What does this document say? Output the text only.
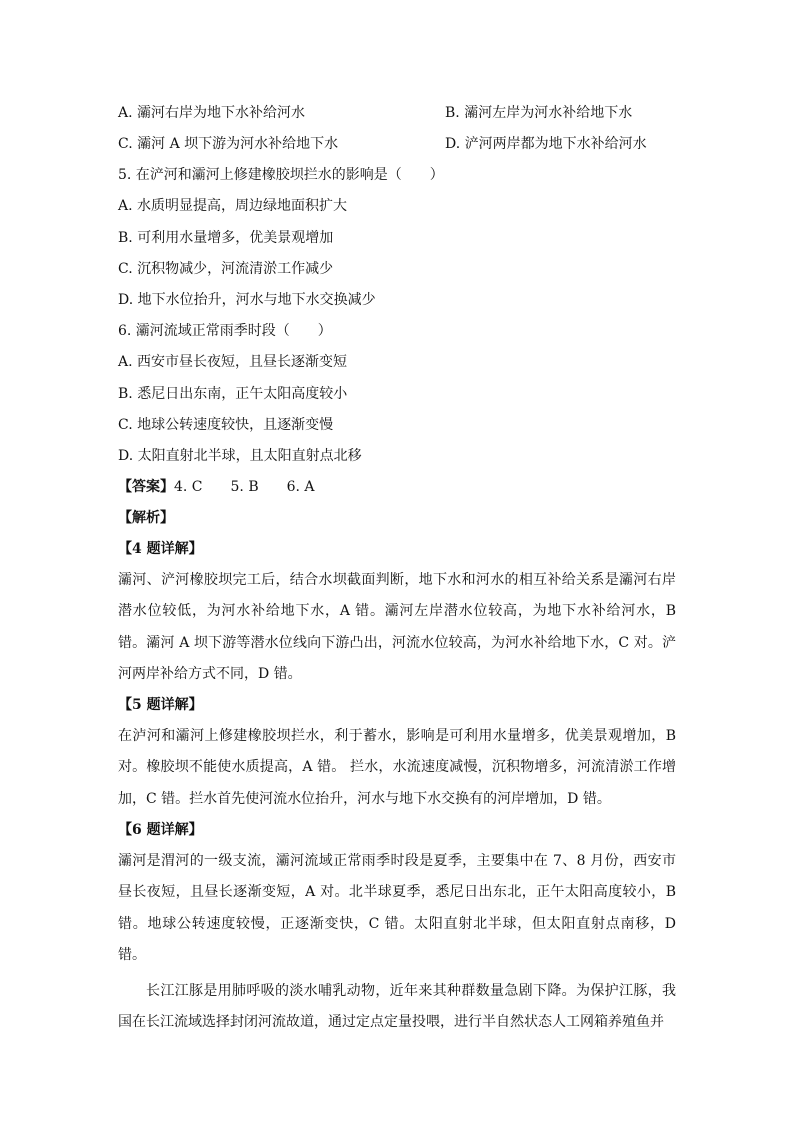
A. 灞河右岸为地下水补给河水	B. 灞河左岸为河水补给地下水
C. 灞河 A 坝下游为河水补给地下水	D. 浐河两岸都为地下水补给河水
5. 在浐河和灞河上修建橡胶坝拦水的影响是（　　）
A. 水质明显提高，周边绿地面积扩大
B. 可利用水量增多，优美景观增加
C. 沉积物减少，河流清淤工作减少
D. 地下水位抬升，河水与地下水交换减少
6. 灞河流域正常雨季时段（　　）
A. 西安市昼长夜短，且昼长逐渐变短
B. 悉尼日出东南，正午太阳高度较小
C. 地球公转速度较快，且逐渐变慢
D. 太阳直射北半球，且太阳直射点北移
【答案】4. C　　5. B　　6. A
【解析】
【4 题详解】
灞河、浐河橡胶坝完工后，结合水坝截面判断，地下水和河水的相互补给关系是灞河右岸潜水位较低，为河水补给地下水，A 错。灞河左岸潜水位较高，为地下水补给河水，B 错。灞河 A 坝下游等潜水位线向下游凸出，河流水位较高，为河水补给地下水，C 对。浐河两岸补给方式不同，D 错。
【5 题详解】
在泸河和灞河上修建橡胶坝拦水，利于蓄水，影响是可利用水量增多，优美景观增加，B 对。橡胶坝不能使水质提高，A 错。 拦水，水流速度减慢，沉积物增多，河流清淤工作增加，C 错。拦水首先使河流水位抬升，河水与地下水交换有的河岸增加，D 错。
【6 题详解】
灞河是渭河的一级支流，灞河流域正常雨季时段是夏季，主要集中在 7、8 月份，西安市昼长夜短，且昼长逐渐变短，A 对。北半球夏季，悉尼日出东北，正午太阳高度较小，B 错。地球公转速度较慢，正逐渐变快，C 错。太阳直射北半球，但太阳直射点南移，D 错。
长江江豚是用肺呼吸的淡水哺乳动物，近年来其种群数量急剧下降。为保护江豚，我国在长江流域选择封闭河流故道，通过定点定量投喂，进行半自然状态人工网箱养殖鱼并
